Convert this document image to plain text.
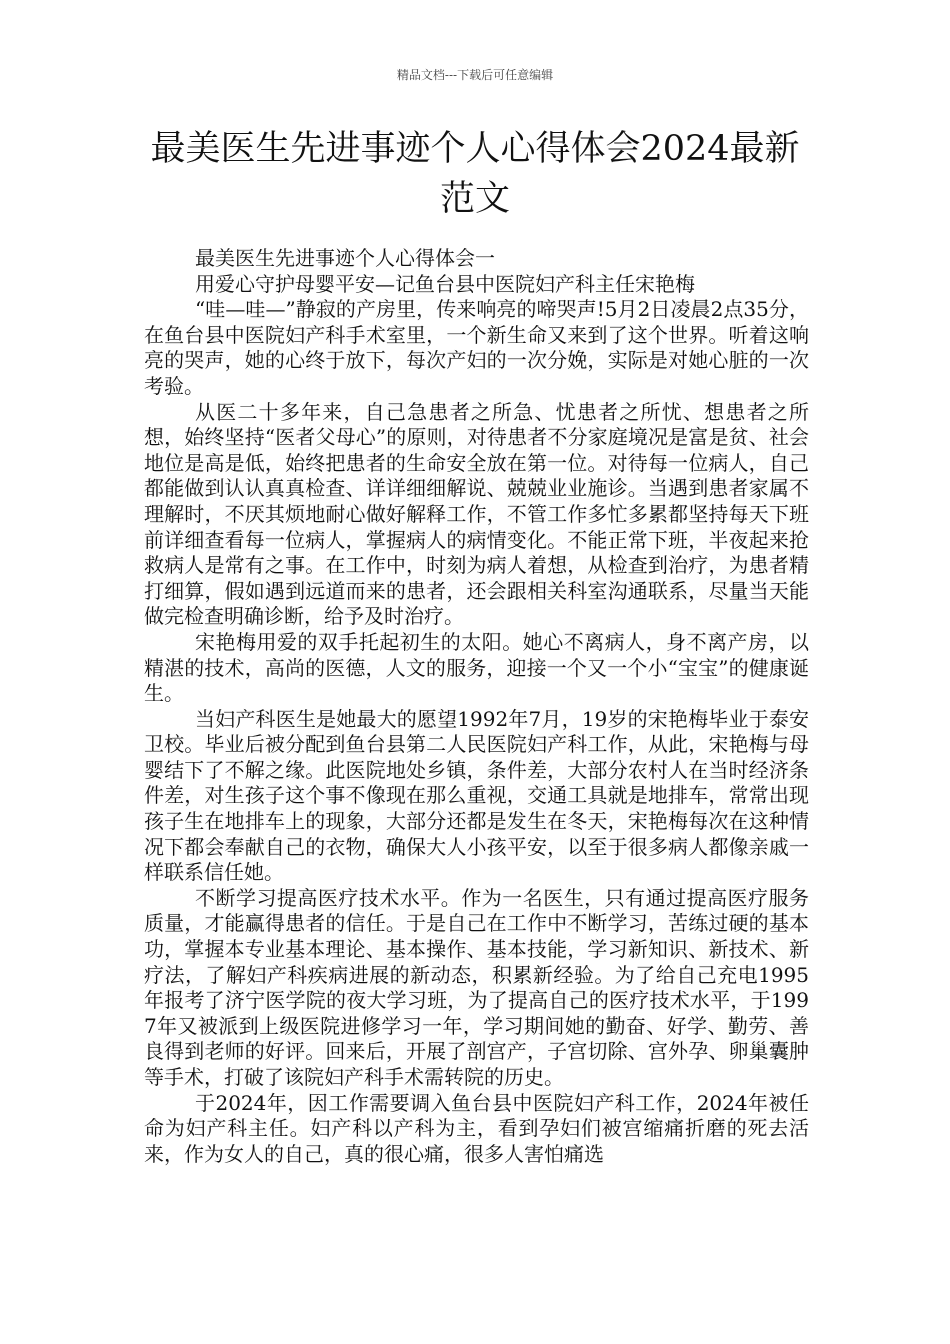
精品文档---下载后可任意编辑
最美医生先进事迹个人心得体会2024最新范文

最美医生先进事迹个人心得体会一

用爱心守护母婴平安—记鱼台县中医院妇产科主任宋艳梅

“哇—哇—”静寂的产房里，传来响亮的啼哭声!5月2日凌晨2点35分，在鱼台县中医院妇产科手术室里，一个新生命又来到了这个世界。听着这响亮的哭声，她的心终于放下，每次产妇的一次分娩，实际是对她心脏的一次考验。

从医二十多年来，自己急患者之所急、忧患者之所忧、想患者之所想，始终坚持“医者父母心”的原则，对待患者不分家庭境况是富是贫、社会地位是高是低，始终把患者的生命安全放在第一位。对待每一位病人，自己都能做到认认真真检查、详详细细解说、兢兢业业施诊。当遇到患者家属不理解时，不厌其烦地耐心做好解释工作，不管工作多忙多累都坚持每天下班前详细查看每一位病人，掌握病人的病情变化。不能正常下班，半夜起来抢救病人是常有之事。在工作中，时刻为病人着想，从检查到治疗，为患者精打细算，假如遇到远道而来的患者，还会跟相关科室沟通联系，尽量当天能做完检查明确诊断，给予及时治疗。

宋艳梅用爱的双手托起初生的太阳。她心不离病人，身不离产房，以精湛的技术，高尚的医德，人文的服务，迎接一个又一个小“宝宝”的健康诞生。

当妇产科医生是她最大的愿望1992年7月，19岁的宋艳梅毕业于泰安卫校。毕业后被分配到鱼台县第二人民医院妇产科工作，从此，宋艳梅与母婴结下了不解之缘。此医院地处乡镇，条件差，大部分农村人在当时经济条件差，对生孩子这个事不像现在那么重视，交通工具就是地排车，常常出现孩子生在地排车上的现象，大部分还都是发生在冬天，宋艳梅每次在这种情况下都会奉献自己的衣物，确保大人小孩平安，以至于很多病人都像亲戚一样联系信任她。

不断学习提高医疗技术水平。作为一名医生，只有通过提高医疗服务质量，才能赢得患者的信任。于是自己在工作中不断学习，苦练过硬的基本功，掌握本专业基本理论、基本操作、基本技能，学习新知识、新技术、新疗法，了解妇产科疾病进展的新动态，积累新经验。为了给自己充电1995年报考了济宁医学院的夜大学习班，为了提高自己的医疗技术水平，于1997年又被派到上级医院进修学习一年，学习期间她的勤奋、好学、勤劳、善良得到老师的好评。回来后，开展了剖宫产，子宫切除、宫外孕、卵巢囊肿等手术，打破了该院妇产科手术需转院的历史。

于2024年，因工作需要调入鱼台县中医院妇产科工作，2024年被任命为妇产科主任。妇产科以产科为主，看到孕妇们被宫缩痛折磨的死去活来，作为女人的自己，真的很心痛，很多人害怕痛选
